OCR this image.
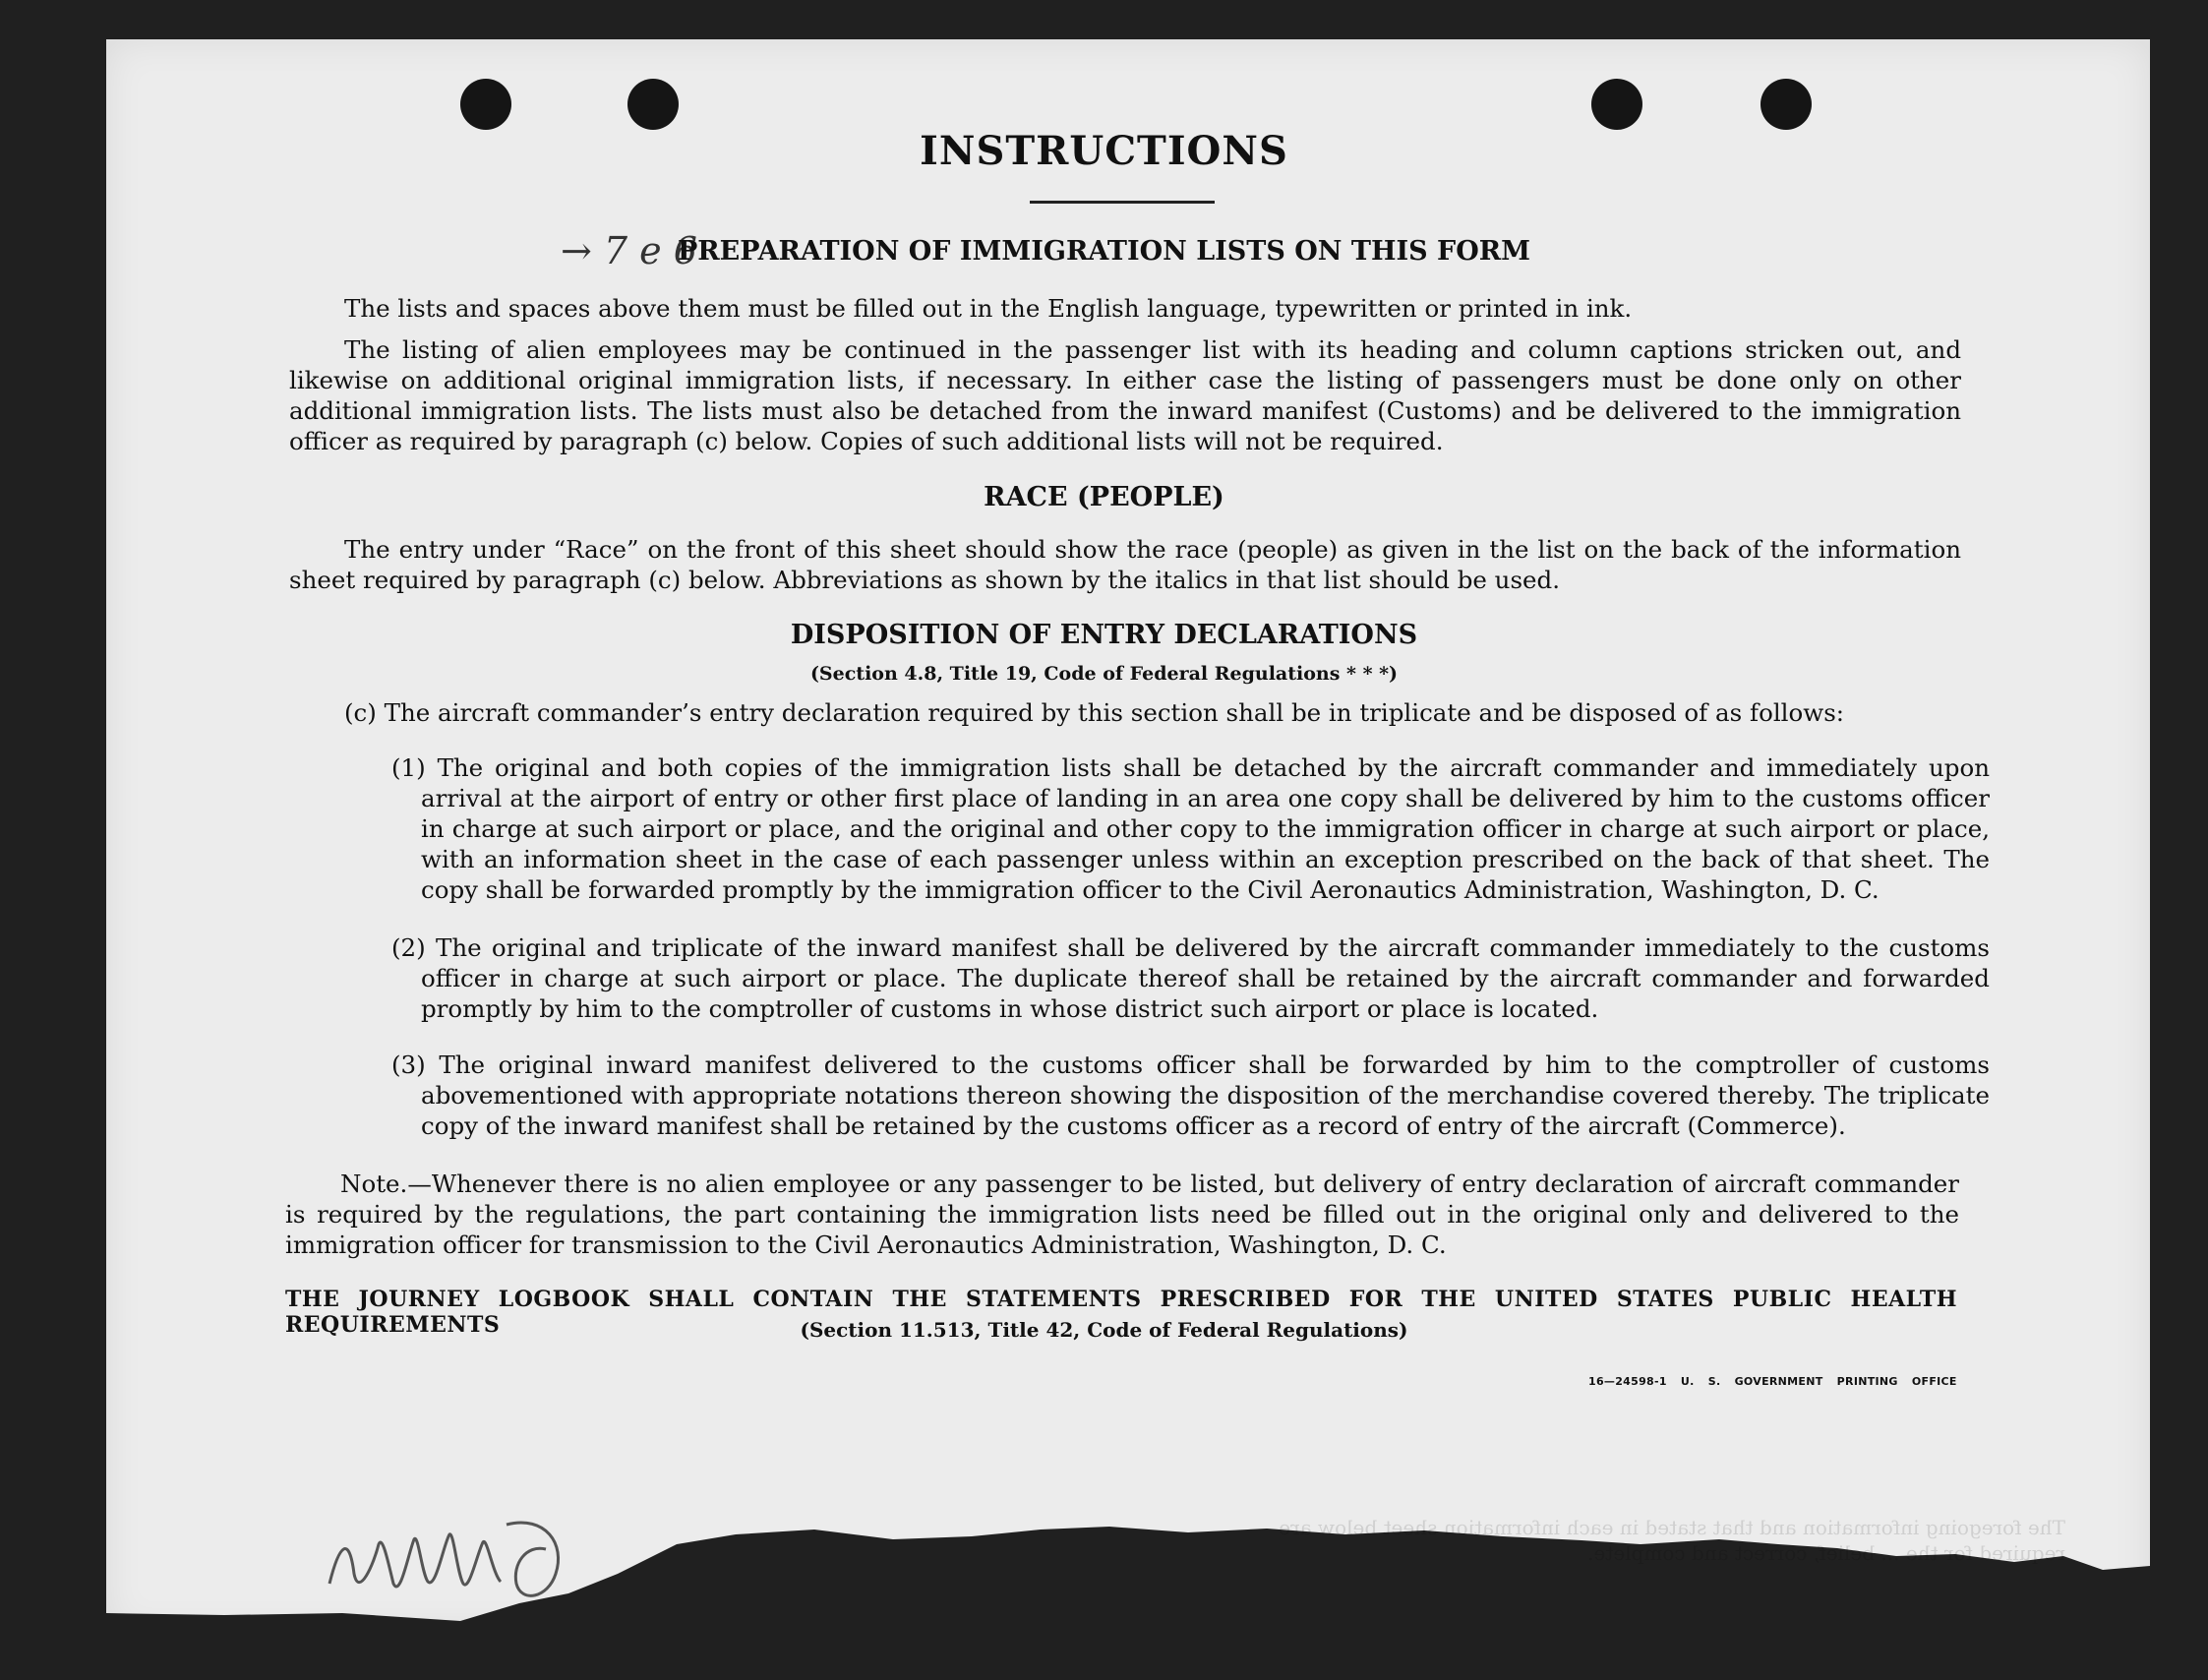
→ 7 e 6
INSTRUCTIONS
PREPARATION OF IMMIGRATION LISTS ON THIS FORM

The lists and spaces above them must be filled out in the English language, typewritten or printed in ink.

The listing of alien employees may be continued in the passenger list with its heading and column captions stricken out, and likewise on additional original immigration lists, if necessary. In either case the listing of passengers must be done only on other additional immigration lists. The lists must also be detached from the inward manifest (Customs) and be delivered to the immigration officer as required by paragraph (c) below. Copies of such additional lists will not be required.

RACE (PEOPLE)

The entry under “Race” on the front of this sheet should show the race (people) as given in the list on the back of the information sheet required by paragraph (c) below. Abbreviations as shown by the italics in that list should be used.

DISPOSITION OF ENTRY DECLARATIONS
(Section 4.8, Title 19, Code of Federal Regulations * * *)

(c) The aircraft commander’s entry declaration required by this section shall be in triplicate and be disposed of as follows:

(1) The original and both copies of the immigration lists shall be detached by the aircraft commander and immediately upon arrival at the airport of entry or other first place of landing in an area one copy shall be delivered by him to the customs officer in charge at such airport or place, and the original and other copy to the immigration officer in charge at such airport or place, with an information sheet in the case of each passenger unless within an exception prescribed on the back of that sheet. The copy shall be forwarded promptly by the immigration officer to the Civil Aeronautics Administration, Washington, D. C.

(2) The original and triplicate of the inward manifest shall be delivered by the aircraft commander immediately to the customs officer in charge at such airport or place. The duplicate thereof shall be retained by the aircraft commander and forwarded promptly by him to the comptroller of customs in whose district such airport or place is located.

(3) The original inward manifest delivered to the customs officer shall be forwarded by him to the comptroller of customs abovementioned with appropriate notations thereon showing the disposition of the merchandise covered thereby. The triplicate copy of the inward manifest shall be retained by the customs officer as a record of entry of the aircraft (Commerce).

Note.—Whenever there is no alien employee or any passenger to be listed, but delivery of entry declaration of aircraft commander is required by the regulations, the part containing the immigration lists need be filled out in the original only and delivered to the immigration officer for transmission to the Civil Aeronautics Administration, Washington, D. C.

THE JOURNEY LOGBOOK SHALL CONTAIN THE STATEMENTS PRESCRIBED FOR THE UNITED STATES PUBLIC HEALTH REQUIREMENTS	(Section 11.513, Title 42, Code of Federal Regulations)
16—24598-1 U. S. GOVERNMENT PRINTING OFFICE
The foregoing information and that stated in each information sheet below are required for the ... belief, correct and complete.
